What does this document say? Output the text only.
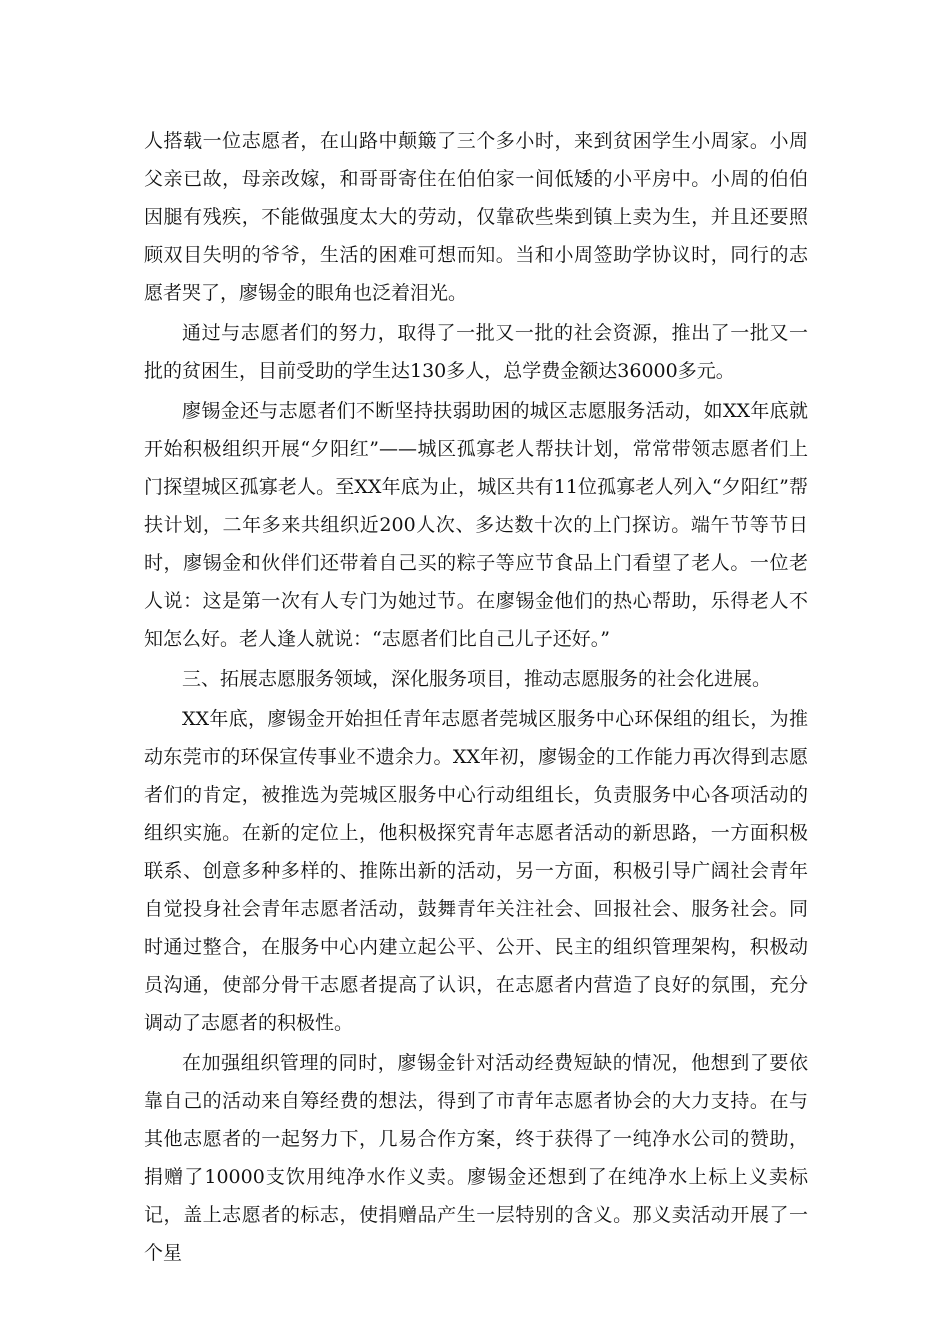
人搭载一位志愿者，在山路中颠簸了三个多小时，来到贫困学生小周家。小周父亲已故，母亲改嫁，和哥哥寄住在伯伯家一间低矮的小平房中。小周的伯伯因腿有残疾，不能做强度太大的劳动，仅靠砍些柴到镇上卖为生，并且还要照顾双目失明的爷爷，生活的困难可想而知。当和小周签助学协议时，同行的志愿者哭了，廖锡金的眼角也泛着泪光。

通过与志愿者们的努力，取得了一批又一批的社会资源，推出了一批又一批的贫困生，目前受助的学生达130多人，总学费金额达36000多元。

廖锡金还与志愿者们不断坚持扶弱助困的城区志愿服务活动，如XX年底就开始积极组织开展“夕阳红”——城区孤寡老人帮扶计划，常常带领志愿者们上门探望城区孤寡老人。至XX年底为止，城区共有11位孤寡老人列入“夕阳红”帮扶计划，二年多来共组织近200人次、多达数十次的上门探访。端午节等节日时，廖锡金和伙伴们还带着自己买的粽子等应节食品上门看望了老人。一位老人说：这是第一次有人专门为她过节。在廖锡金他们的热心帮助，乐得老人不知怎么好。老人逢人就说：“志愿者们比自己儿子还好。”

三、拓展志愿服务领域，深化服务项目，推动志愿服务的社会化进展。

XX年底，廖锡金开始担任青年志愿者莞城区服务中心环保组的组长，为推动东莞市的环保宣传事业不遗余力。XX年初，廖锡金的工作能力再次得到志愿者们的肯定，被推选为莞城区服务中心行动组组长，负责服务中心各项活动的组织实施。在新的定位上，他积极探究青年志愿者活动的新思路，一方面积极联系、创意多种多样的、推陈出新的活动，另一方面，积极引导广阔社会青年自觉投身社会青年志愿者活动，鼓舞青年关注社会、回报社会、服务社会。同时通过整合，在服务中心内建立起公平、公开、民主的组织管理架构，积极动员沟通，使部分骨干志愿者提高了认识，在志愿者内营造了良好的氛围，充分调动了志愿者的积极性。

在加强组织管理的同时，廖锡金针对活动经费短缺的情况，他想到了要依靠自己的活动来自筹经费的想法，得到了市青年志愿者协会的大力支持。在与其他志愿者的一起努力下，几易合作方案，终于获得了一纯净水公司的赞助，捐赠了10000支饮用纯净水作义卖。廖锡金还想到了在纯净水上标上义卖标记，盖上志愿者的标志，使捐赠品产生一层特别的含义。那义卖活动开展了一个星
